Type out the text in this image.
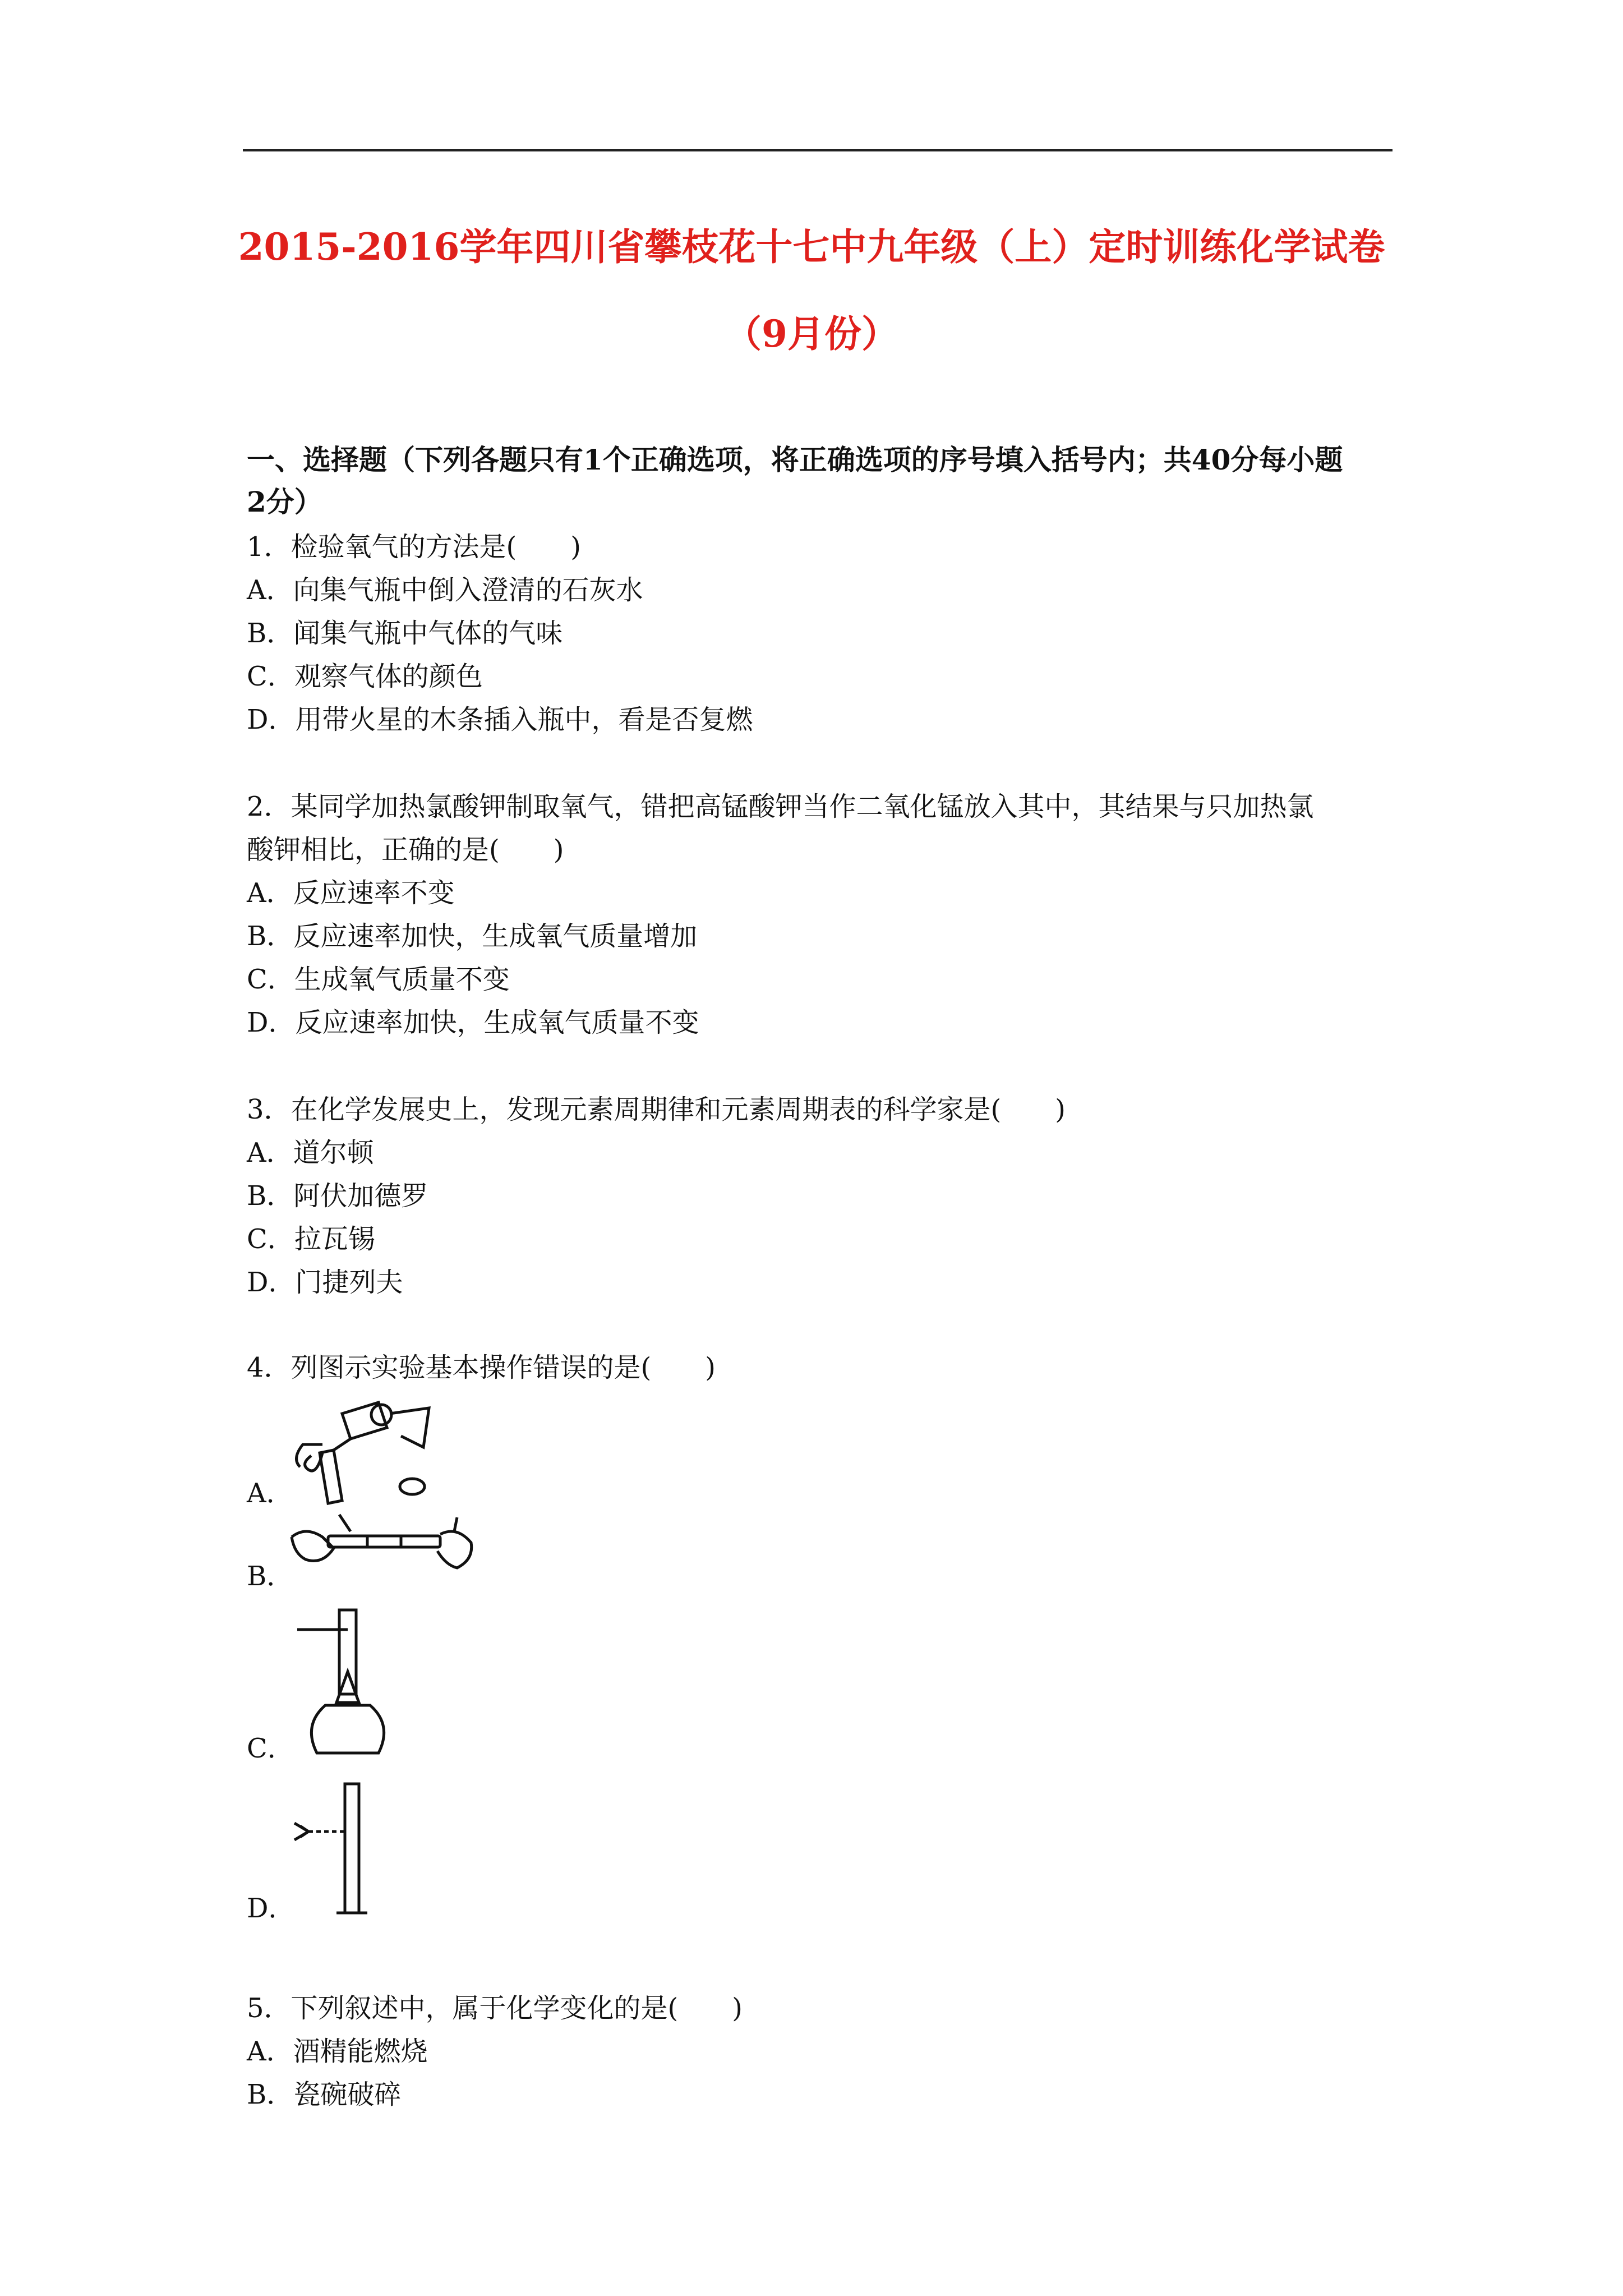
2015-2016学年四川省攀枝花十七中九年级（上）定时训练化学试卷
（9月份）
一、选择题（下列各题只有1个正确选项，将正确选项的序号填入括号内；共40分每小题
2分）
1．检验氧气的方法是(　　)
A．向集气瓶中倒入澄清的石灰水
B．闻集气瓶中气体的气味
C．观察气体的颜色
D．用带火星的木条插入瓶中，看是否复燃
2．某同学加热氯酸钾制取氧气，错把高锰酸钾当作二氧化锰放入其中，其结果与只加热氯
酸钾相比，正确的是(　　)
A．反应速率不变
B．反应速率加快，生成氧气质量增加
C．生成氧气质量不变
D．反应速率加快，生成氧气质量不变
3．在化学发展史上，发现元素周期律和元素周期表的科学家是(　　)
A．道尔顿
B．阿伏加德罗
C．拉瓦锡
D．门捷列夫
4．列图示实验基本操作错误的是(　　)
A．
B．
C．
D．
5．下列叙述中，属于化学变化的是(　　)
A．酒精能燃烧
B．瓷碗破碎
